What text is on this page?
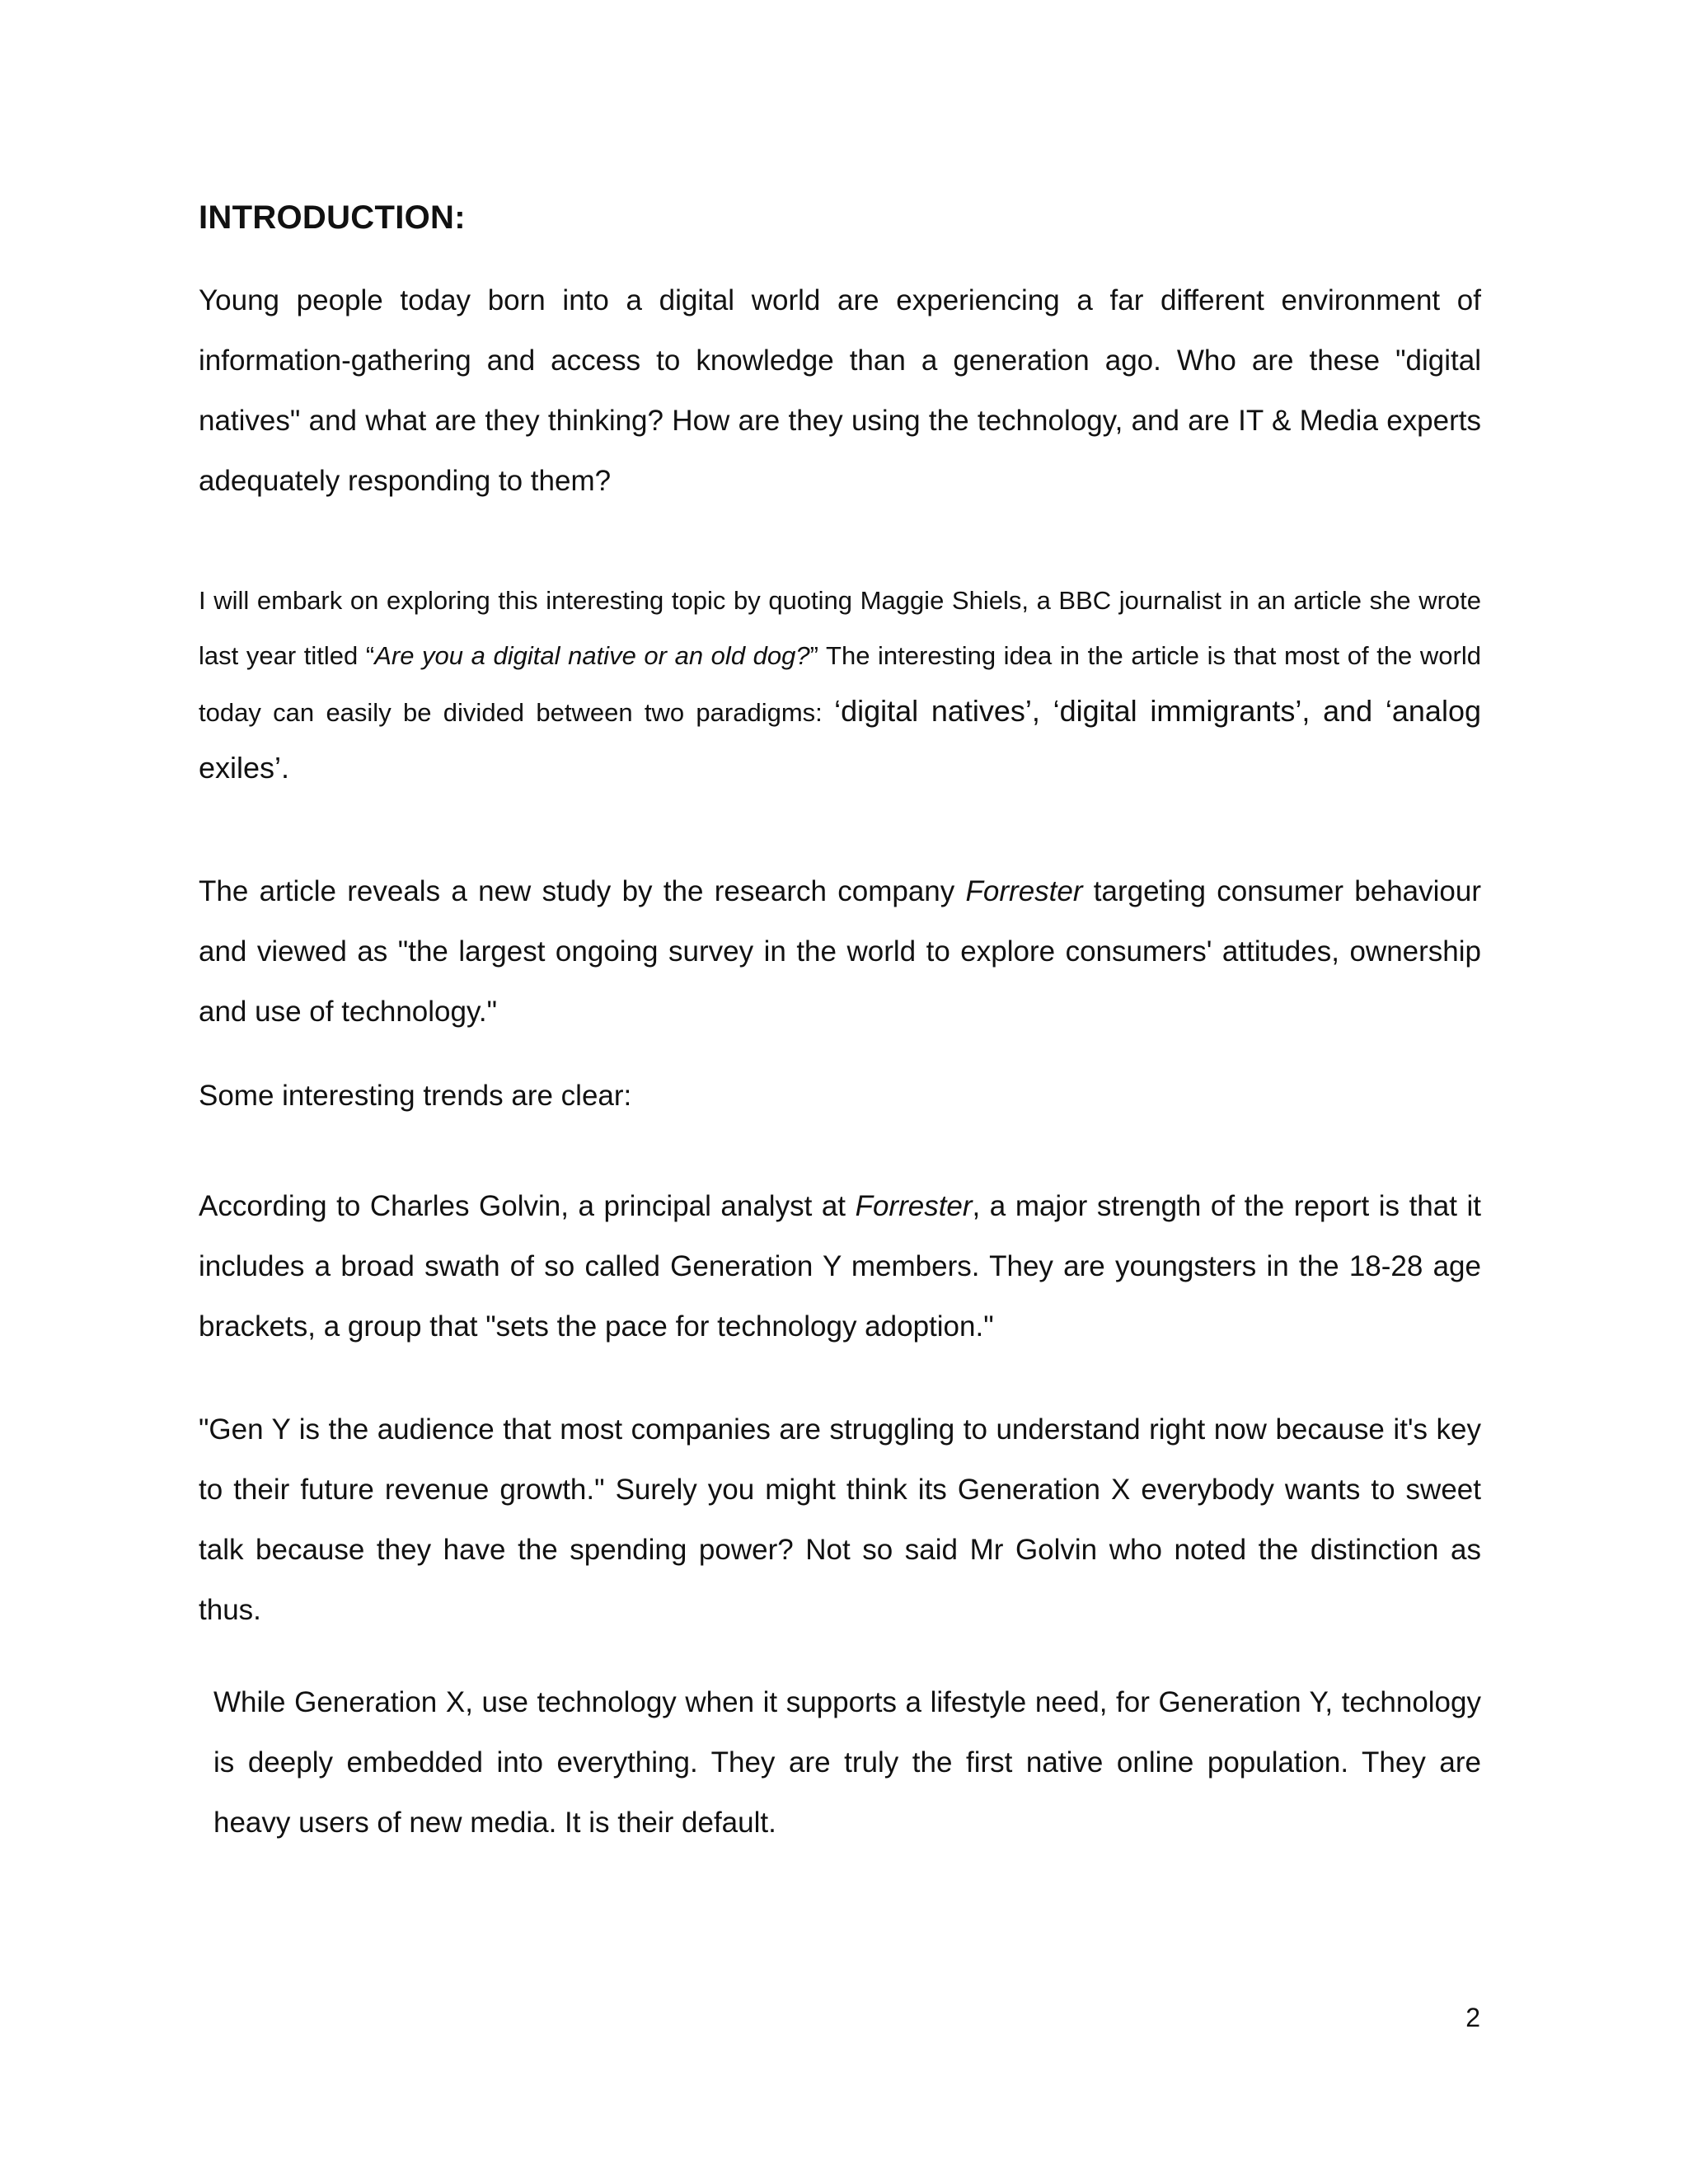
INTRODUCTION:

Young people today born into a digital world are experiencing a far different environment of information-gathering and access to knowledge than a generation ago. Who are these "digital natives" and what are they thinking? How are they using the technology, and are IT & Media experts adequately responding to them?

I will embark on exploring this interesting topic by quoting Maggie Shiels, a BBC journalist in an article she wrote last year titled “Are you a digital native or an old dog?” The interesting idea in the article is that most of the world today can easily be divided between two paradigms: ‘digital natives’, ‘digital immigrants’, and ‘analog exiles’.

The article reveals a new study by the research company Forrester targeting consumer behaviour and viewed as "the largest ongoing survey in the world to explore consumers' attitudes, ownership and use of technology."

Some interesting trends are clear:

According to Charles Golvin, a principal analyst at Forrester, a major strength of the report is that it includes a broad swath of so called Generation Y members. They are youngsters in the 18-28 age brackets, a group that "sets the pace for technology adoption."

"Gen Y is the audience that most companies are struggling to understand right now because it's key to their future revenue growth." Surely you might think its Generation X everybody wants to sweet talk because they have the spending power? Not so said Mr Golvin who noted the distinction as thus.

While Generation X, use technology when it supports a lifestyle need, for Generation Y, technology is deeply embedded into everything. They are truly the first native online population. They are heavy users of new media. It is their default.

2
